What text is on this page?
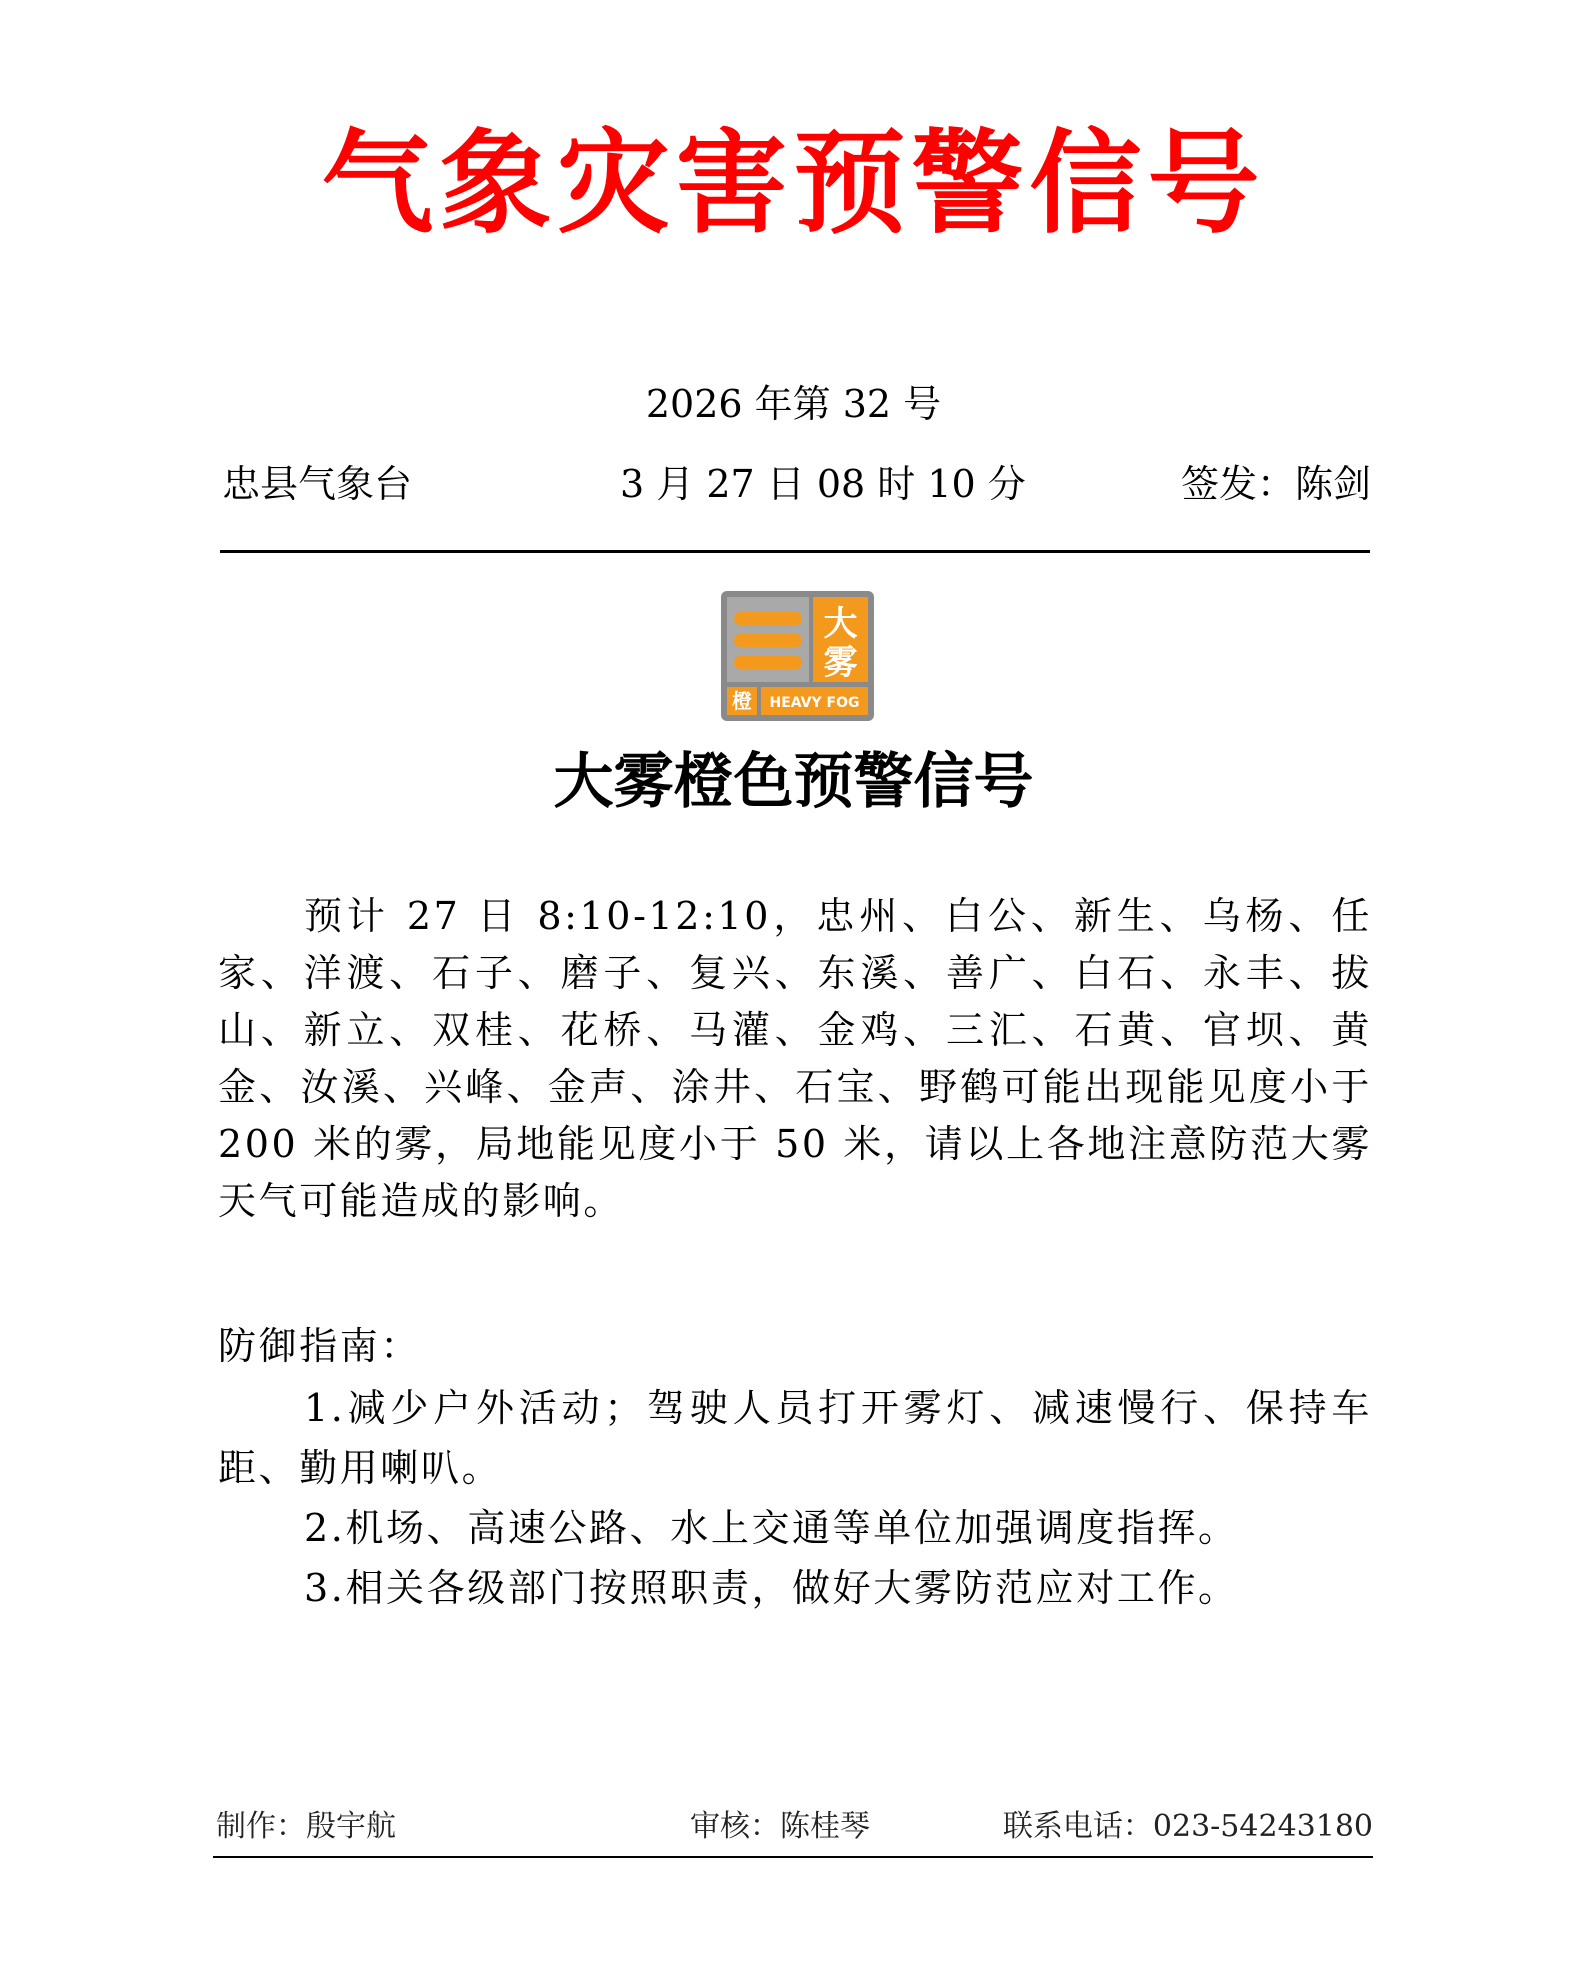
气象灾害预警信号
2026 年第 32 号
忠县气象台	3 月 27 日 08 时 10 分	签发：陈剑
大
雾
橙 HEAVY FOG
大雾橙色预警信号

预计 27 日 8:10-12:10，忠州、白公、新生、乌杨、任家、洋渡、石子、磨子、复兴、东溪、善广、白石、永丰、拔山、新立、双桂、花桥、马灌、金鸡、三汇、石黄、官坝、黄金、汝溪、兴峰、金声、涂井、石宝、野鹤可能出现能见度小于 200 米的雾，局地能见度小于 50 米，请以上各地注意防范大雾天气可能造成的影响。

防御指南：

1.减少户外活动；驾驶人员打开雾灯、减速慢行、保持车距、勤用喇叭。

2.机场、高速公路、水上交通等单位加强调度指挥。

3.相关各级部门按照职责，做好大雾防范应对工作。

制作：殷宇航	审核：陈桂琴	联系电话：023-54243180
